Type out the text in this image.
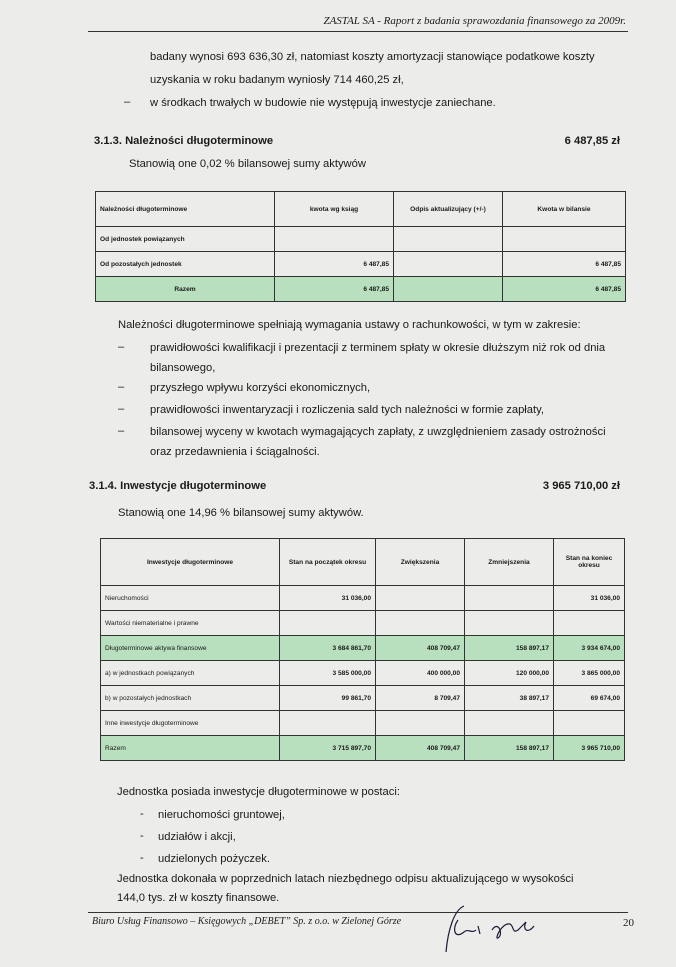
ZASTAL SA - Raport z badania sprawozdania finansowego za 2009r.
badany wynosi 693 636,30 zł, natomiast koszty amortyzacji stanowiące podatkowe koszty
uzyskania w roku badanym wyniosły 714 460,25 zł,
– w środkach trwałych w budowie nie występują inwestycje zaniechane.
3.1.3. Należności długoterminowe	6 487,85 zł
Stanowią one 0,02 % bilansowej sumy aktywów
Należności długoterminowe	kwota wg ksiąg	Odpis aktualizujący (+/-)	Kwota w bilansie
Od jednostek powiązanych			
Od pozostałych jednostek	6 487,85		6 487,85
Razem	6 487,85		6 487,85
Należności długoterminowe spełniają wymagania ustawy o rachunkowości, w tym w zakresie:
– prawidłowości kwalifikacji i prezentacji z terminem spłaty w okresie dłuższym niż rok od dnia
bilansowego,
– przyszłego wpływu korzyści ekonomicznych,
– prawidłowości inwentaryzacji i rozliczenia sald tych należności w formie zapłaty,
– bilansowej wyceny w kwotach wymagających zapłaty, z uwzględnieniem zasady ostrożności
oraz przedawnienia i ściągalności.
3.1.4. Inwestycje długoterminowe	3 965 710,00 zł
Stanowią one 14,96 % bilansowej sumy aktywów.
Inwestycje długoterminowe	Stan na początek okresu	Zwiększenia	Zmniejszenia	Stan na koniec okresu
Nieruchomości	31 036,00			31 036,00
Wartości niematerialne i prawne				
Długoterminowe aktywa finansowe	3 684 861,70	408 709,47	158 897,17	3 934 674,00
a) w jednostkach powiązanych	3 585 000,00	400 000,00	120 000,00	3 865 000,00
b) w pozostałych jednostkach	99 861,70	8 709,47	38 897,17	69 674,00
Inne inwestycje długoterminowe				
Razem	3 715 897,70	408 709,47	158 897,17	3 965 710,00
Jednostka posiada inwestycje długoterminowe w postaci:
- nieruchomości gruntowej,
- udziałów i akcji,
- udzielonych pożyczek.
Jednostka dokonała w poprzednich latach niezbędnego odpisu aktualizującego w wysokości
144,0 tys. zł w koszty finansowe.
Biuro Usług Finansowo – Księgowych „DEBET” Sp. z o.o. w Zielonej Górze	20
